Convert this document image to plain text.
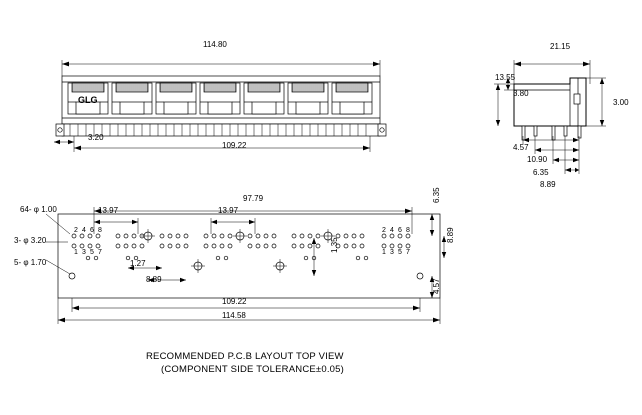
114.80
109.22
3.20
GLG
21.15
13.55
3.80
3.00
4.57
10.90
6.35
8.89
97.79
13.97	13.97
64- φ 1.00
3- φ 3.20
5- φ 1.70	1.27
8.89
1.35
6.35
8.89
4.57
109.22
114.58
2 4 6 8
1 3 5 7
2 4 6 8
1 3 5 7
RECOMMENDED P.C.B LAYOUT TOP VIEW
(COMPONENT SIDE TOLERANCE±0.05)
